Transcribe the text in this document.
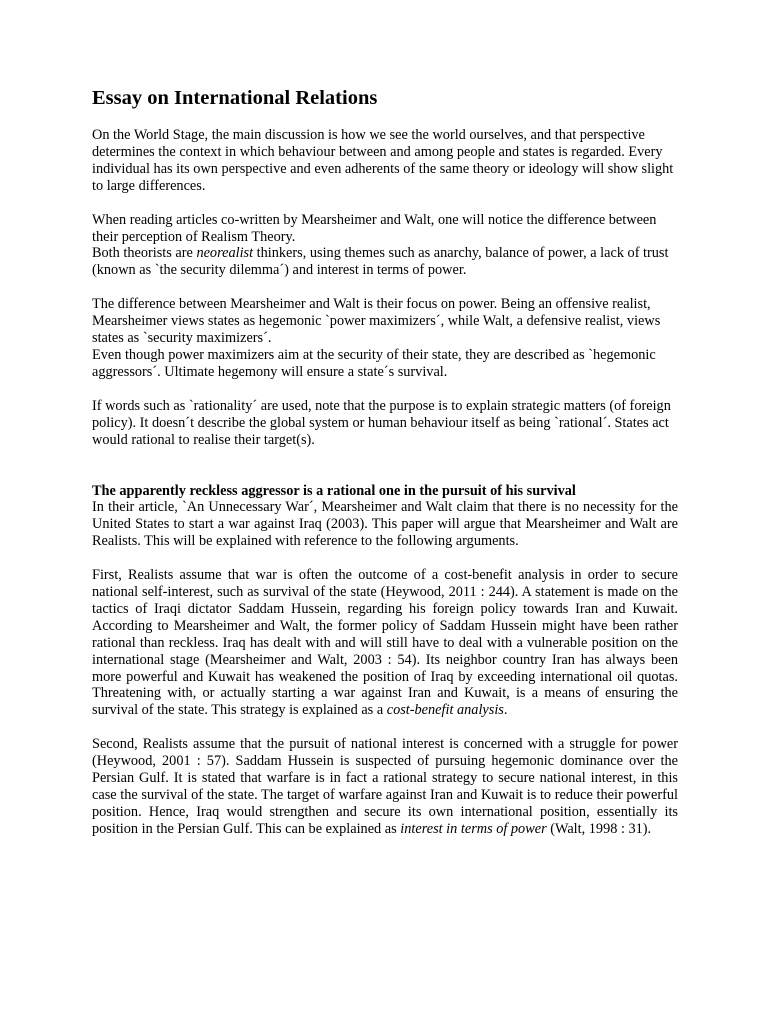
Essay on International Relations

On the World Stage, the main discussion is how we see the world ourselves, and that perspective determines the context in which behaviour between and among people and states is regarded. Every individual has its own perspective and even adherents of the same theory or ideology will show slight to large differences.

When reading articles co-written by Mearsheimer and Walt, one will notice the difference between their perception of Realism Theory.
Both theorists are neorealist thinkers, using themes such as anarchy, balance of power, a lack of trust (known as `the security dilemma´) and interest in terms of power.

The difference between Mearsheimer and Walt is their focus on power. Being an offensive realist, Mearsheimer views states as hegemonic `power maximizers´, while Walt, a defensive realist, views states as `security maximizers´.
Even though power maximizers aim at the security of their state, they are described as `hegemonic aggressors´. Ultimate hegemony will ensure a state´s survival.

If words such as `rationality´ are used, note that the purpose is to explain strategic matters (of foreign policy). It doesn´t describe the global system or human behaviour itself as being `rational´. States act would rational to realise their target(s).

The apparently reckless aggressor is a rational one in the pursuit of his survival

In their article, `An Unnecessary War´, Mearsheimer and Walt claim that there is no necessity for the United States to start a war against Iraq (2003). This paper will argue that Mearsheimer and Walt are Realists. This will be explained with reference to the following arguments.

First, Realists assume that war is often the outcome of a cost-benefit analysis in order to secure national self-interest, such as survival of the state (Heywood, 2011 : 244). A statement is made on the tactics of Iraqi dictator Saddam Hussein, regarding his foreign policy towards Iran and Kuwait. According to Mearsheimer and Walt, the former policy of Saddam Hussein might have been rather rational than reckless. Iraq has dealt with and will still have to deal with a vulnerable position on the international stage (Mearsheimer and Walt, 2003 : 54). Its neighbor country Iran has always been more powerful and Kuwait has weakened the position of Iraq by exceeding international oil quotas. Threatening with, or actually starting a war against Iran and Kuwait, is a means of ensuring the survival of the state. This strategy is explained as a cost-benefit analysis.

Second, Realists assume that the pursuit of national interest is concerned with a struggle for power (Heywood, 2001 : 57). Saddam Hussein is suspected of pursuing hegemonic dominance over the Persian Gulf. It is stated that warfare is in fact a rational strategy to secure national interest, in this case the survival of the state. The target of warfare against Iran and Kuwait is to reduce their powerful position. Hence, Iraq would strengthen and secure its own international position, essentially its position in the Persian Gulf. This can be explained as interest in terms of power (Walt, 1998 : 31).
